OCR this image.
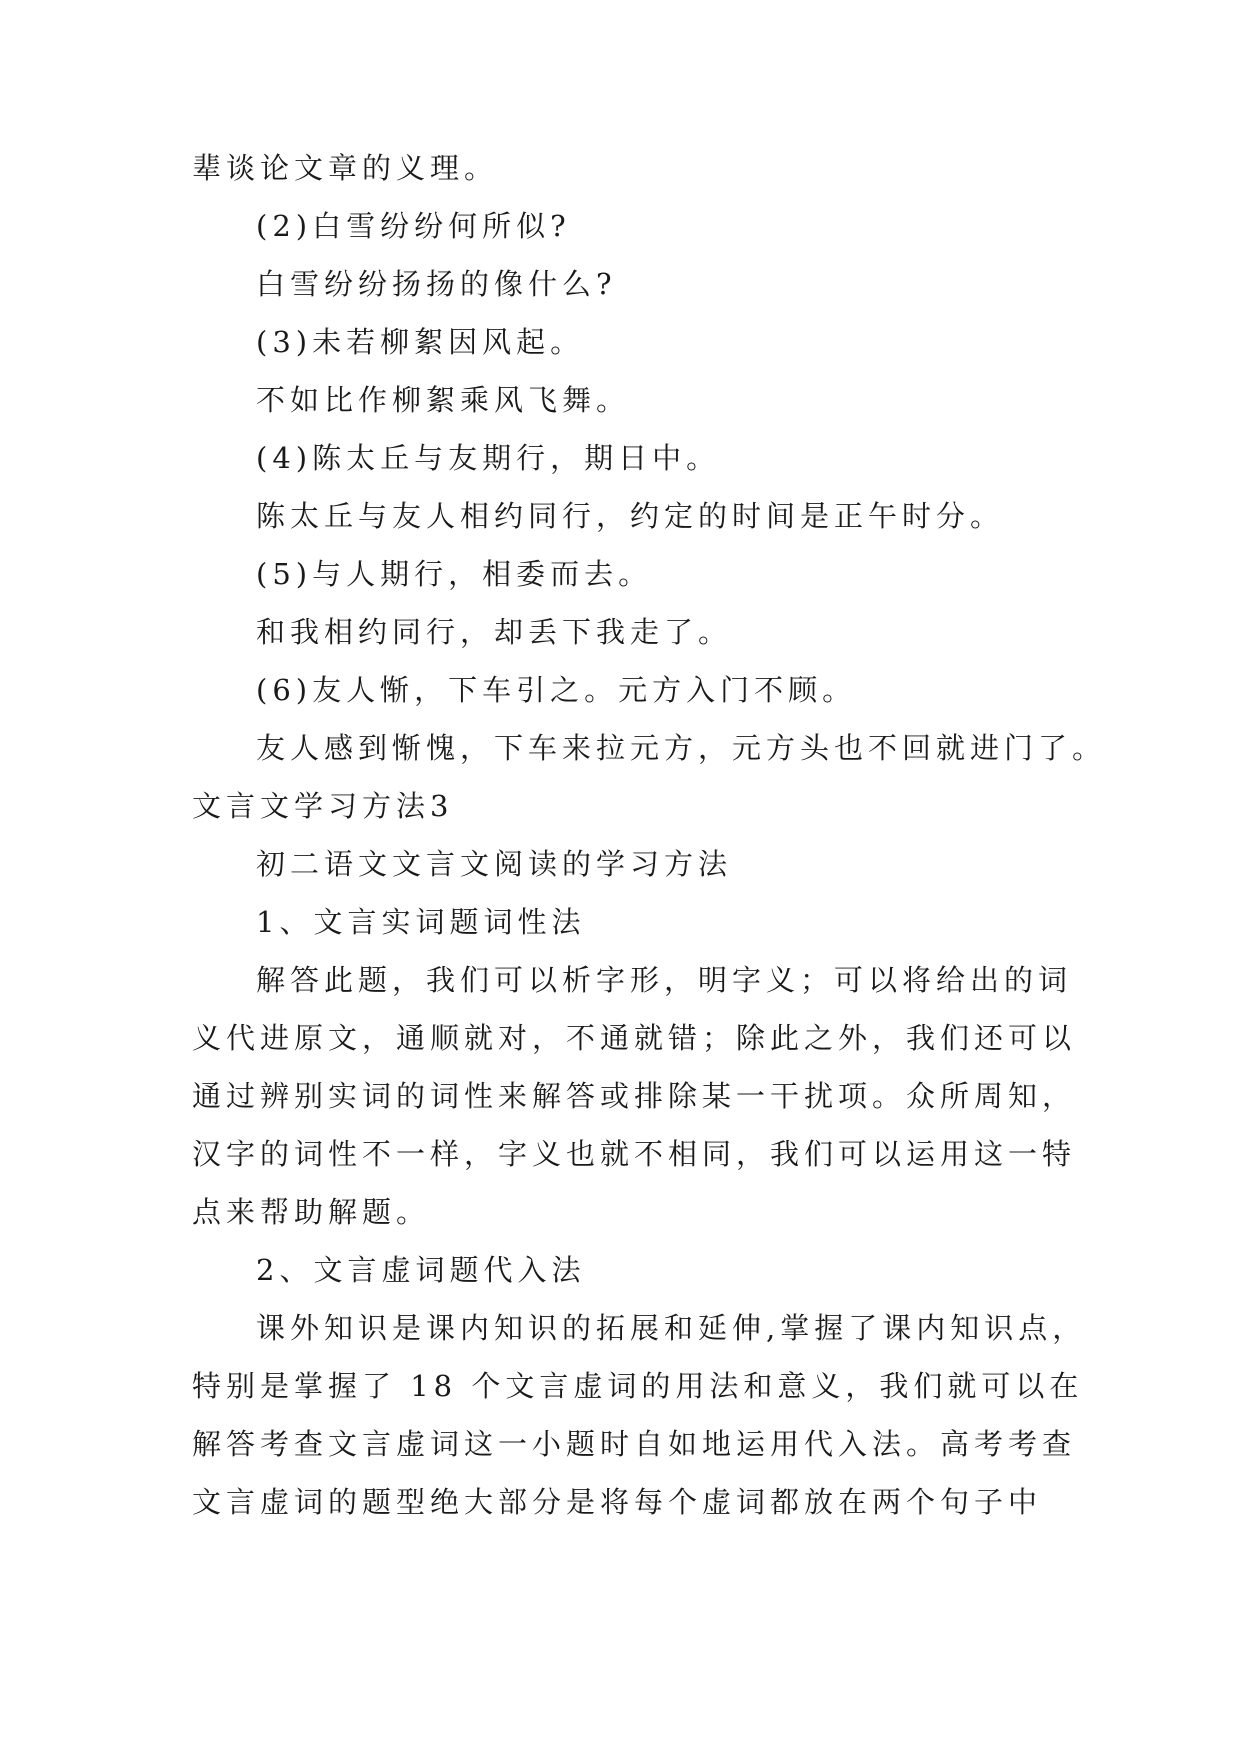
辈谈论文章的义理。
(2)白雪纷纷何所似?
白雪纷纷扬扬的像什么?
(3)未若柳絮因风起。
不如比作柳絮乘风飞舞。
(4)陈太丘与友期行，期日中。
陈太丘与友人相约同行，约定的时间是正午时分。
(5)与人期行，相委而去。
和我相约同行，却丢下我走了。
(6)友人惭，下车引之。元方入门不顾。
友人感到惭愧，下车来拉元方，元方头也不回就进门了。
文言文学习方法3
初二语文文言文阅读的学习方法
1、文言实词题词性法
解答此题，我们可以析字形，明字义；可以将给出的词
义代进原文，通顺就对，不通就错；除此之外，我们还可以
通过辨别实词的词性来解答或排除某一干扰项。众所周知，
汉字的词性不一样，字义也就不相同，我们可以运用这一特
点来帮助解题。
2、文言虚词题代入法
课外知识是课内知识的拓展和延伸,掌握了课内知识点，
特别是掌握了 18 个文言虚词的用法和意义，我们就可以在
解答考查文言虚词这一小题时自如地运用代入法。高考考查
文言虚词的题型绝大部分是将每个虚词都放在两个句子中
